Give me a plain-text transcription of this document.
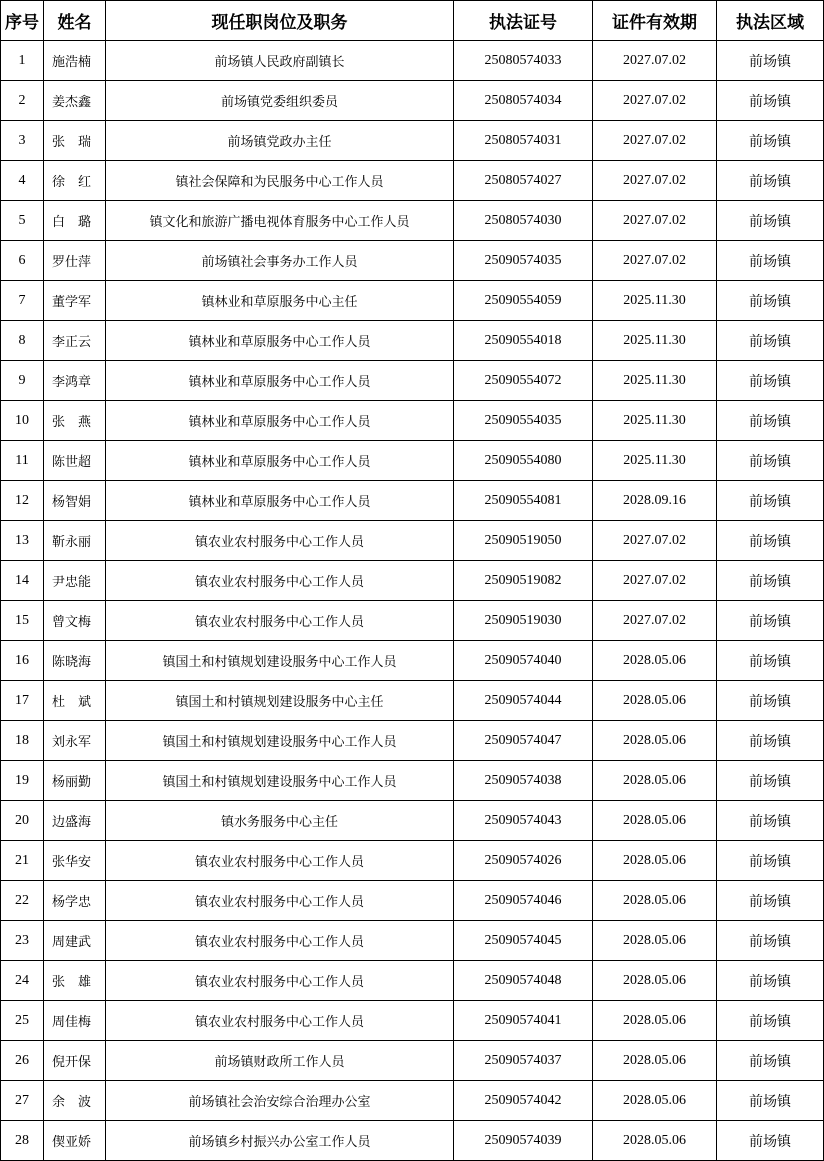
序号	姓名	现任职岗位及职务	执法证号	证件有效期	执法区域
1	施浩楠	前场镇人民政府副镇长	25080574033	2027.07.02	前场镇
2	姜杰鑫	前场镇党委组织委员	25080574034	2027.07.02	前场镇
3	张　瑞	前场镇党政办主任	25080574031	2027.07.02	前场镇
4	徐　红	镇社会保障和为民服务中心工作人员	25080574027	2027.07.02	前场镇
5	白　璐	镇文化和旅游广播电视体育服务中心工作人员	25080574030	2027.07.02	前场镇
6	罗仕萍	前场镇社会事务办工作人员	25090574035	2027.07.02	前场镇
7	董学军	镇林业和草原服务中心主任	25090554059	2025.11.30	前场镇
8	李正云	镇林业和草原服务中心工作人员	25090554018	2025.11.30	前场镇
9	李鸿章	镇林业和草原服务中心工作人员	25090554072	2025.11.30	前场镇
10	张　燕	镇林业和草原服务中心工作人员	25090554035	2025.11.30	前场镇
11	陈世超	镇林业和草原服务中心工作人员	25090554080	2025.11.30	前场镇
12	杨智娟	镇林业和草原服务中心工作人员	25090554081	2028.09.16	前场镇
13	靳永丽	镇农业农村服务中心工作人员	25090519050	2027.07.02	前场镇
14	尹忠能	镇农业农村服务中心工作人员	25090519082	2027.07.02	前场镇
15	曾文梅	镇农业农村服务中心工作人员	25090519030	2027.07.02	前场镇
16	陈晓海	镇国土和村镇规划建设服务中心工作人员	25090574040	2028.05.06	前场镇
17	杜　斌	镇国土和村镇规划建设服务中心主任	25090574044	2028.05.06	前场镇
18	刘永军	镇国土和村镇规划建设服务中心工作人员	25090574047	2028.05.06	前场镇
19	杨丽勤	镇国土和村镇规划建设服务中心工作人员	25090574038	2028.05.06	前场镇
20	边盛海	镇水务服务中心主任	25090574043	2028.05.06	前场镇
21	张华安	镇农业农村服务中心工作人员	25090574026	2028.05.06	前场镇
22	杨学忠	镇农业农村服务中心工作人员	25090574046	2028.05.06	前场镇
23	周建武	镇农业农村服务中心工作人员	25090574045	2028.05.06	前场镇
24	张　雄	镇农业农村服务中心工作人员	25090574048	2028.05.06	前场镇
25	周佳梅	镇农业农村服务中心工作人员	25090574041	2028.05.06	前场镇
26	倪开保	前场镇财政所工作人员	25090574037	2028.05.06	前场镇
27	余　波	前场镇社会治安综合治理办公室	25090574042	2028.05.06	前场镇
28	偰亚娇	前场镇乡村振兴办公室工作人员	25090574039	2028.05.06	前场镇
